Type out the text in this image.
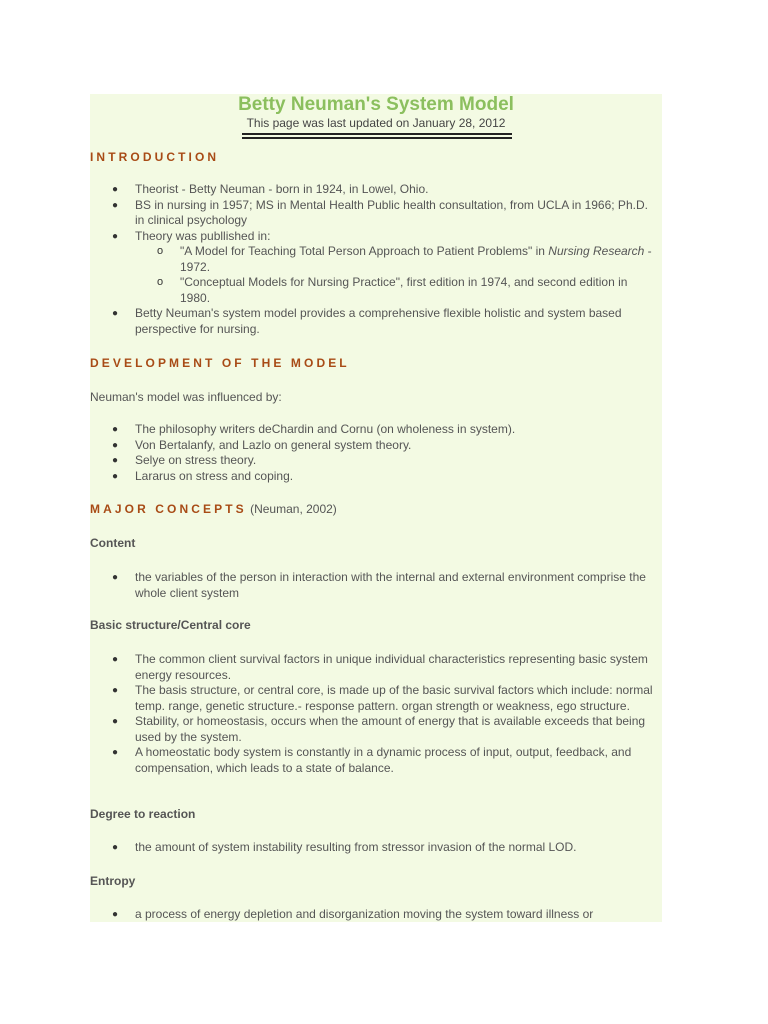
Betty Neuman's System Model
This page was last updated on January 28, 2012
INTRODUCTION
● Theorist - Betty Neuman - born in 1924, in Lowel, Ohio.
● BS in nursing in 1957; MS in Mental Health Public health consultation, from UCLA in 1966; Ph.D. in clinical psychology
● Theory was publlished in:
o "A Model for Teaching Total Person Approach to Patient Problems" in Nursing Research - 1972.
o "Conceptual Models for Nursing Practice", first edition in 1974, and second edition in 1980.
● Betty Neuman's system model provides a comprehensive flexible holistic and system based perspective for nursing.
DEVELOPMENT OF THE MODEL
Neuman's model was influenced by:
● The philosophy writers deChardin and Cornu (on wholeness in system).
● Von Bertalanfy, and Lazlo on general system theory.
● Selye on stress theory.
● Lararus on stress and coping.
MAJOR CONCEPTS (Neuman, 2002)
Content
● the variables of the person in interaction with the internal and external environment comprise the whole client system
Basic structure/Central core
● The common client survival factors in unique individual characteristics representing basic system energy resources.
● The basis structure, or central core, is made up of the basic survival factors which include: normal temp. range, genetic structure.- response pattern. organ strength or weakness, ego structure.
● Stability, or homeostasis, occurs when the amount of energy that is available exceeds that being used by the system.
● A homeostatic body system is constantly in a dynamic process of input, output, feedback, and compensation, which leads to a state of balance.
Degree to reaction
● the amount of system instability resulting from stressor invasion of the normal LOD.
Entropy
● a process of energy depletion and disorganization moving the system toward illness or
